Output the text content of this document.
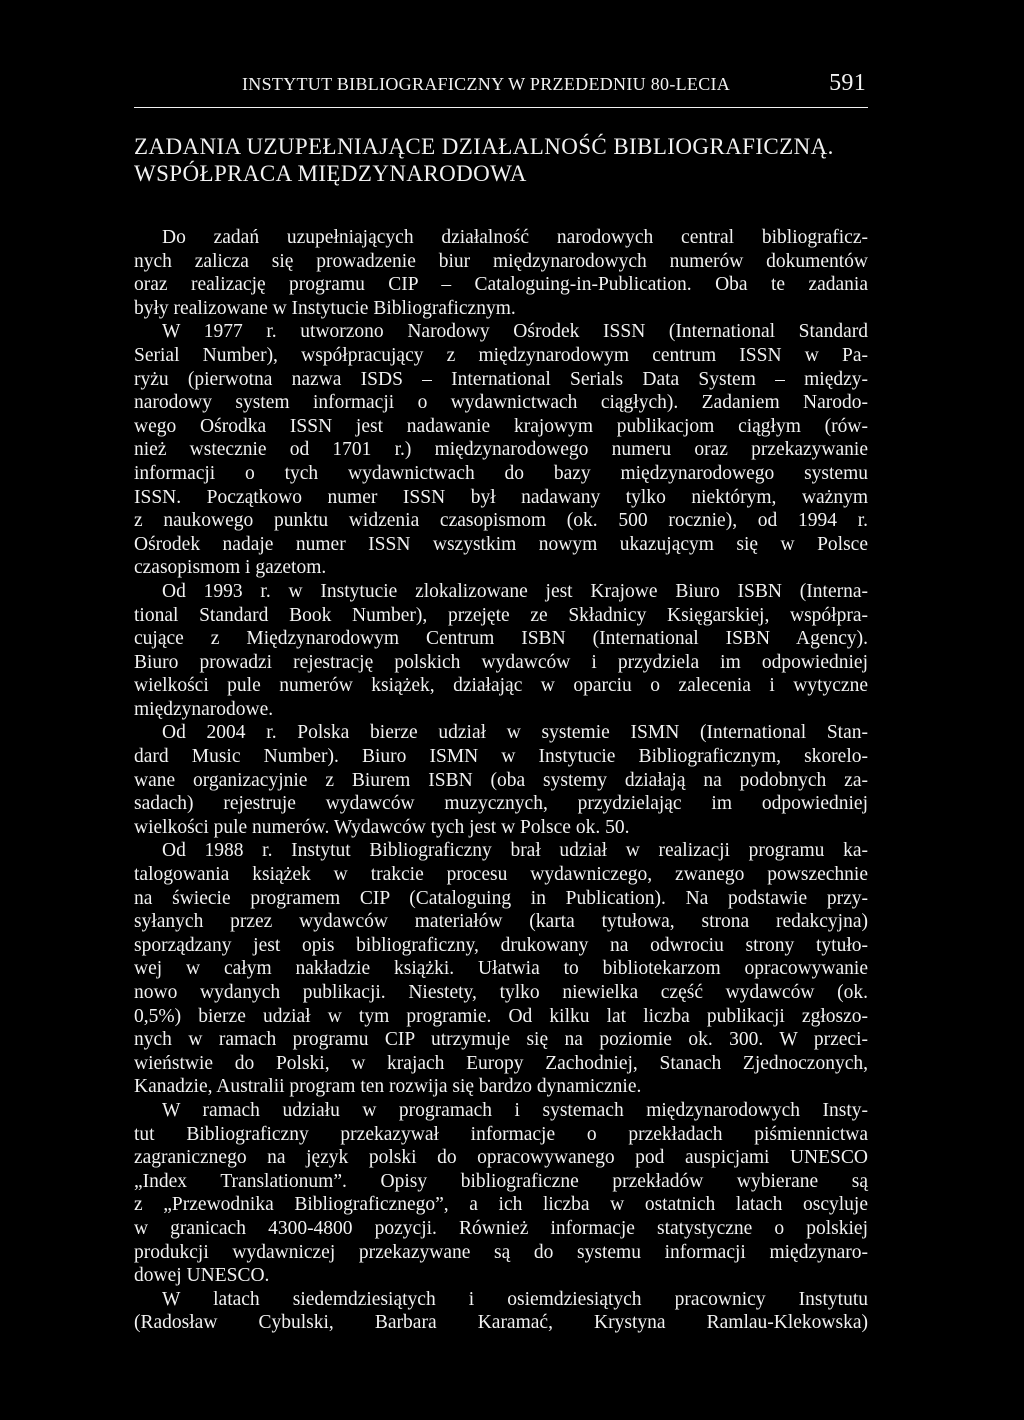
INSTYTUT BIBLIOGRAFICZNY W PRZEDEDNIU 80-LECIA	591
ZADANIA UZUPEŁNIAJĄCE DZIAŁALNOŚĆ BIBLIOGRAFICZNĄ.
WSPÓŁPRACA MIĘDZYNARODOWA
Do zadań uzupełniających działalność narodowych central bibliograficz-
nych zalicza się prowadzenie biur międzynarodowych numerów dokumentów
oraz realizację programu CIP – Cataloguing-in-Publication. Oba te zadania
były realizowane w Instytucie Bibliograficznym.
W 1977 r. utworzono Narodowy Ośrodek ISSN (International Standard
Serial Number), współpracujący z międzynarodowym centrum ISSN w Pa-
ryżu (pierwotna nazwa ISDS – International Serials Data System – między-
narodowy system informacji o wydawnictwach ciągłych). Zadaniem Narodo-
wego Ośrodka ISSN jest nadawanie krajowym publikacjom ciągłym (rów-
nież wstecznie od 1701 r.) międzynarodowego numeru oraz przekazywanie
informacji o tych wydawnictwach do bazy międzynarodowego systemu
ISSN. Początkowo numer ISSN był nadawany tylko niektórym, ważnym
z naukowego punktu widzenia czasopismom (ok. 500 rocznie), od 1994 r.
Ośrodek nadaje numer ISSN wszystkim nowym ukazującym się w Polsce
czasopismom i gazetom.
Od 1993 r. w Instytucie zlokalizowane jest Krajowe Biuro ISBN (Interna-
tional Standard Book Number), przejęte ze Składnicy Księgarskiej, współpra-
cujące z Międzynarodowym Centrum ISBN (International ISBN Agency).
Biuro prowadzi rejestrację polskich wydawców i przydziela im odpowiedniej
wielkości pule numerów książek, działając w oparciu o zalecenia i wytyczne
międzynarodowe.
Od 2004 r. Polska bierze udział w systemie ISMN (International Stan-
dard Music Number). Biuro ISMN w Instytucie Bibliograficznym, skorelo-
wane organizacyjnie z Biurem ISBN (oba systemy działają na podobnych za-
sadach) rejestruje wydawców muzycznych, przydzielając im odpowiedniej
wielkości pule numerów. Wydawców tych jest w Polsce ok. 50.
Od 1988 r. Instytut Bibliograficzny brał udział w realizacji programu ka-
talogowania książek w trakcie procesu wydawniczego, zwanego powszechnie
na świecie programem CIP (Cataloguing in Publication). Na podstawie przy-
syłanych przez wydawców materiałów (karta tytułowa, strona redakcyjna)
sporządzany jest opis bibliograficzny, drukowany na odwrociu strony tytuło-
wej w całym nakładzie książki. Ułatwia to bibliotekarzom opracowywanie
nowo wydanych publikacji. Niestety, tylko niewielka część wydawców (ok.
0,5%) bierze udział w tym programie. Od kilku lat liczba publikacji zgłoszo-
nych w ramach programu CIP utrzymuje się na poziomie ok. 300. W przeci-
wieństwie do Polski, w krajach Europy Zachodniej, Stanach Zjednoczonych,
Kanadzie, Australii program ten rozwija się bardzo dynamicznie.
W ramach udziału w programach i systemach międzynarodowych Insty-
tut Bibliograficzny przekazywał informacje o przekładach piśmiennictwa
zagranicznego na język polski do opracowywanego pod auspicjami UNESCO
„Index Translationum”. Opisy bibliograficzne przekładów wybierane są
z „Przewodnika Bibliograficznego”, a ich liczba w ostatnich latach oscyluje
w granicach 4300-4800 pozycji. Również informacje statystyczne o polskiej
produkcji wydawniczej przekazywane są do systemu informacji międzynaro-
dowej UNESCO.
W latach siedemdziesiątych i osiemdziesiątych pracownicy Instytutu
(Radosław Cybulski, Barbara Karamać, Krystyna Ramlau-Klekowska)
